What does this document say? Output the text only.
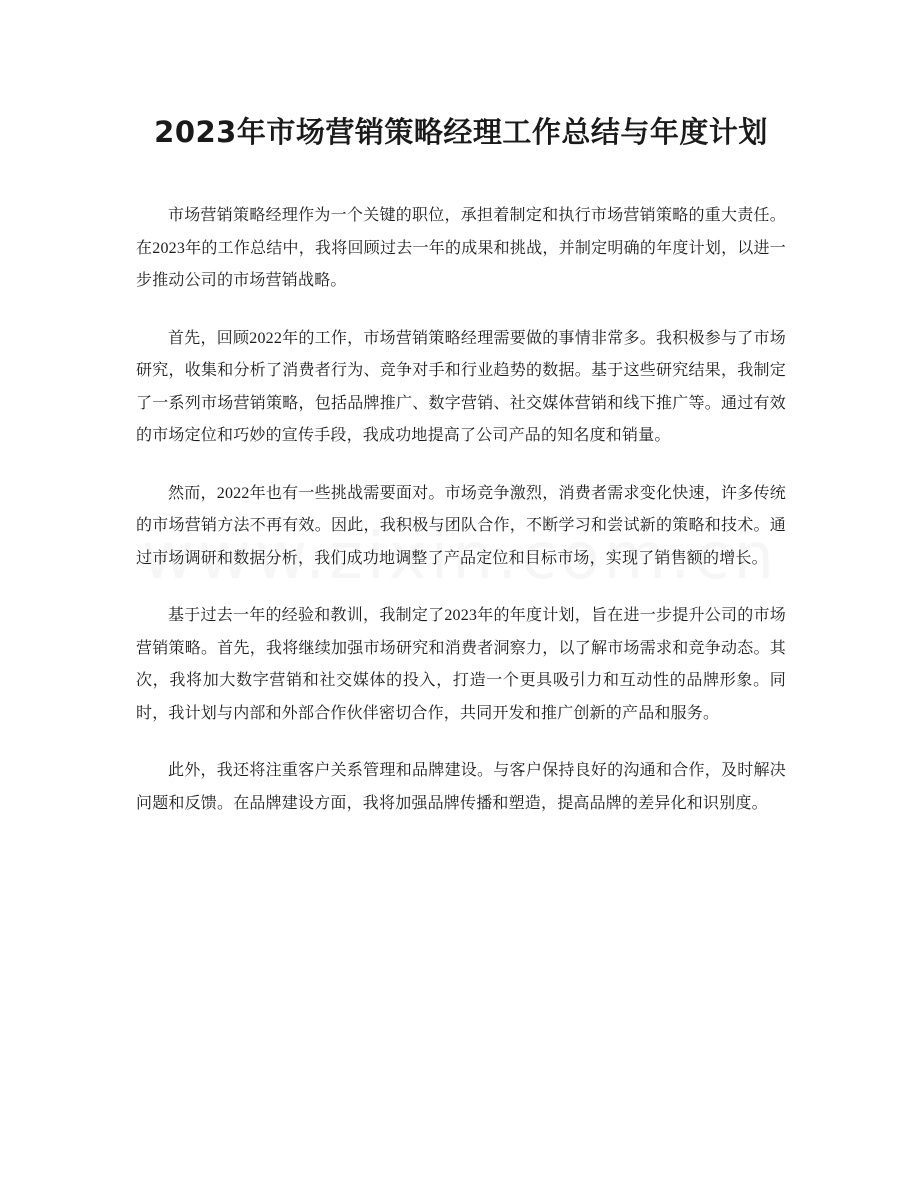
2023年市场营销策略经理工作总结与年度计划

市场营销策略经理作为一个关键的职位，承担着制定和执行市场营销策略的重大责任。在2023年的工作总结中，我将回顾过去一年的成果和挑战，并制定明确的年度计划，以进一步推动公司的市场营销战略。

首先，回顾2022年的工作，市场营销策略经理需要做的事情非常多。我积极参与了市场研究，收集和分析了消费者行为、竞争对手和行业趋势的数据。基于这些研究结果，我制定了一系列市场营销策略，包括品牌推广、数字营销、社交媒体营销和线下推广等。通过有效的市场定位和巧妙的宣传手段，我成功地提高了公司产品的知名度和销量。

然而，2022年也有一些挑战需要面对。市场竞争激烈，消费者需求变化快速，许多传统的市场营销方法不再有效。因此，我积极与团队合作，不断学习和尝试新的策略和技术。通过市场调研和数据分析，我们成功地调整了产品定位和目标市场，实现了销售额的增长。

基于过去一年的经验和教训，我制定了2023年的年度计划，旨在进一步提升公司的市场营销策略。首先，我将继续加强市场研究和消费者洞察力，以了解市场需求和竞争动态。其次，我将加大数字营销和社交媒体的投入，打造一个更具吸引力和互动性的品牌形象。同时，我计划与内部和外部合作伙伴密切合作，共同开发和推广创新的产品和服务。

此外，我还将注重客户关系管理和品牌建设。与客户保持良好的沟通和合作，及时解决问题和反馈。在品牌建设方面，我将加强品牌传播和塑造，提高品牌的差异化和识别度。
